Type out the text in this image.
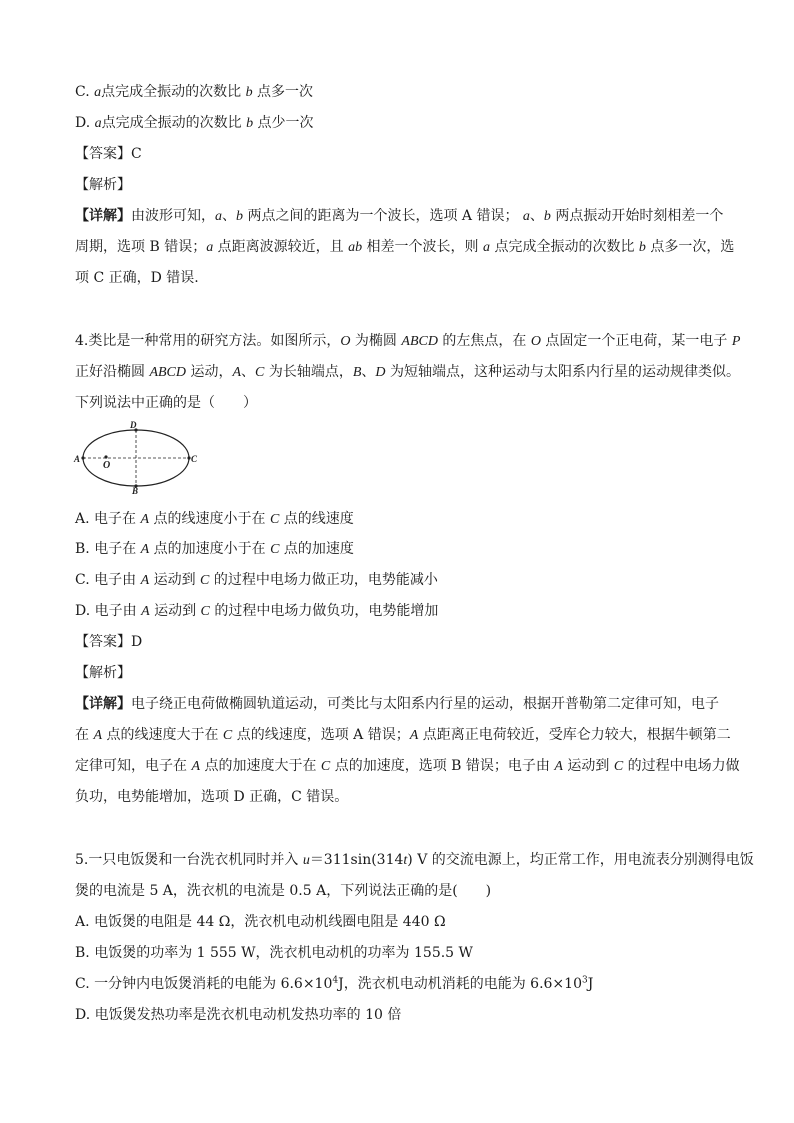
C. a点完成全振动的次数比 b 点多一次
D. a点完成全振动的次数比 b 点少一次
【答案】C
【解析】
【详解】由波形可知，a、b 两点之间的距离为一个波长，选项 A 错误； a、b 两点振动开始时刻相差一个
周期，选项 B 错误；a 点距离波源较近，且 ab 相差一个波长，则 a 点完成全振动的次数比 b 点多一次，选
项 C 正确，D 错误.
4.类比是一种常用的研究方法。如图所示，O 为椭圆 ABCD 的左焦点，在 O 点固定一个正电荷，某一电子 P
正好沿椭圆 ABCD 运动，A、C 为长轴端点，B、D 为短轴端点，这种运动与太阳系内行星的运动规律类似。
下列说法中正确的是（　　）
A	C
D
B
O
A. 电子在 A 点的线速度小于在 C 点的线速度
B. 电子在 A 点的加速度小于在 C 点的加速度
C. 电子由 A 运动到 C 的过程中电场力做正功，电势能减小
D. 电子由 A 运动到 C 的过程中电场力做负功，电势能增加
【答案】D
【解析】
【详解】电子绕正电荷做椭圆轨道运动，可类比与太阳系内行星的运动，根据开普勒第二定律可知，电子
在 A 点的线速度大于在 C 点的线速度，选项 A 错误；A 点距离正电荷较近，受库仑力较大，根据牛顿第二
定律可知，电子在 A 点的加速度大于在 C 点的加速度，选项 B 错误；电子由 A 运动到 C 的过程中电场力做
负功，电势能增加，选项 D 正确，C 错误。
5.一只电饭煲和一台洗衣机同时并入 u＝311sin(314t) V 的交流电源上，均正常工作，用电流表分别测得电饭
煲的电流是 5 A，洗衣机的电流是 0.5 A，下列说法正确的是(　　)
A. 电饭煲的电阻是 44 Ω，洗衣机电动机线圈电阻是 440 Ω
B. 电饭煲的功率为 1 555 W，洗衣机电动机的功率为 155.5 W
C. 一分钟内电饭煲消耗的电能为 $6.6\times 10^4J$，洗衣机电动机消耗的电能为 $6.6\times 10^3J$
D. 电饭煲发热功率是洗衣机电动机发热功率的 10 倍
